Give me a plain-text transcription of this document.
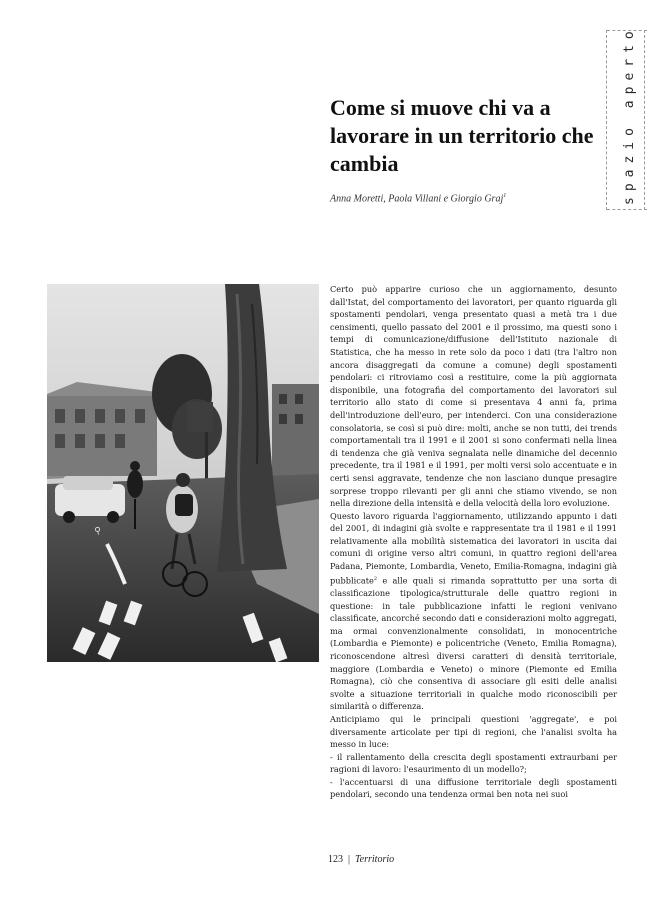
spazio aperto
Come si muove chi va a lavorare in un territorio che cambia
Anna Moretti, Paola Villani e Giorgio Graj$^1$
⚲

Certo può apparire curioso che un aggiornamento, desunto dall'Istat, del comportamento dei lavoratori, per quanto riguarda gli spostamenti pendolari, venga presentato quasi a metà tra i due censimenti, quello passato del 2001 e il prossimo, ma questi sono i tempi di comunicazione/diffusione dell'Istituto nazionale di Statistica, che ha messo in rete solo da poco i dati (tra l'altro non ancora disaggregati da comune a comune) degli spostamenti pendolari: ci ritroviamo così a restituire, come la più aggiornata disponibile, una fotografia del comportamento dei lavoratori sul territorio allo stato di come si presentava 4 anni fa, prima dell'introduzione dell'euro, per intenderci. Con una considerazione consolatoria, se così si può dire: molti, anche se non tutti, dei trends comportamentali tra il 1991 e il 2001 si sono confermati nella linea di tendenza che già veniva segnalata nelle dinamiche del decennio precedente, tra il 1981 e il 1991, per molti versi solo accentuate e in certi sensi aggravate, tendenze che non lasciano dunque presagire sorprese troppo rilevanti per gli anni che stiamo vivendo, se non nella direzione della intensità e della velocità della loro evoluzione.

Questo lavoro riguarda l'aggiornamento, utilizzando appunto i dati del 2001, di indagini già svolte e rappresentate tra il 1981 e il 1991 relativamente alla mobilità sistematica dei lavoratori in uscita dai comuni di origine verso altri comuni, in quattro regioni dell'area Padana, Piemonte, Lombardia, Veneto, Emilia-Romagna, indagini già pubblicate$^2$ e alle quali si rimanda soprattutto per una sorta di classificazione tipologica/strutturale delle quattro regioni in questione: in tale pubblicazione infatti le regioni venivano classificate, ancorché secondo dati e considerazioni molto aggregati, ma ormai convenzionalmente consolidati, in monocentriche (Lombardia e Piemonte) e policentriche (Veneto, Emilia Romagna), riconoscendone altresì diversi caratteri di densità territoriale, maggiore (Lombardia e Veneto) o minore (Piemonte ed Emilia Romagna), ciò che consentiva di associare gli esiti delle analisi svolte a situazione territoriali in qualche modo riconoscibili per similarità o differenza.

Anticipiamo qui le principali questioni 'aggregate', e poi diversamente articolate per tipi di regioni, che l'analisi svolta ha messo in luce:

- il rallentamento della crescita degli spostamenti extraurbani per ragioni di lavoro: l'esaurimento di un modello?;

- l'accentuarsi di una diffusione territoriale degli spostamenti pendolari, secondo una tendenza ormai ben nota nei suoi

123 | Territorio
